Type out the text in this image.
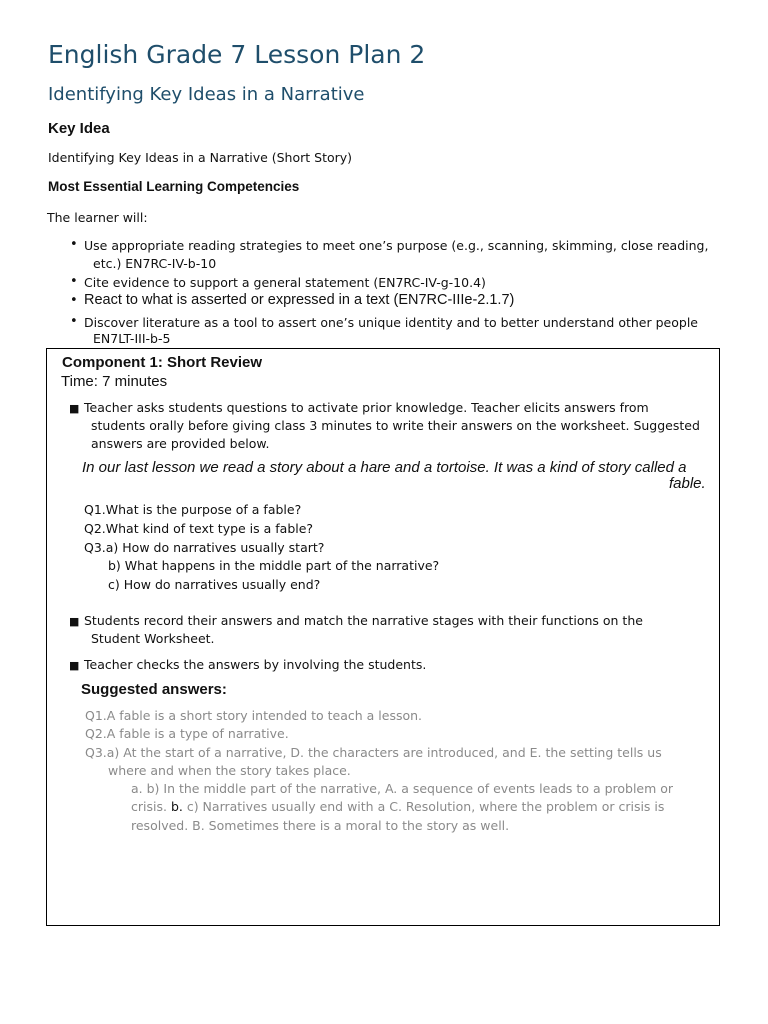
English Grade 7 Lesson Plan 2
Identifying Key Ideas in a Narrative
Key Idea
Identifying Key Ideas in a Narrative (Short Story)
Most Essential Learning Competencies
The learner will:
• Use appropriate reading strategies to meet one’s purpose (e.g., scanning, skimming, close reading,
etc.) EN7RC-IV-b-10
• Cite evidence to support a general statement (EN7RC-IV-g-10.4)
• React to what is asserted or expressed in a text (EN7RC-IIIe-2.1.7)
• Discover literature as a tool to assert one’s unique identity and to better understand other people
EN7LT-III-b-5
Component 1: Short Review
Time: 7 minutes
■ Teacher asks students questions to activate prior knowledge. Teacher elicits answers from
students orally before giving class 3 minutes to write their answers on the worksheet. Suggested
answers are provided below.
In our last lesson we read a story about a hare and a tortoise. It was a kind of story called a
fable.
Q1.What is the purpose of a fable?
Q2.What kind of text type is a fable?
Q3.a) How do narratives usually start?
b) What happens in the middle part of the narrative?
c) How do narratives usually end?
■ Students record their answers and match the narrative stages with their functions on the
Student Worksheet.
■ Teacher checks the answers by involving the students.
Suggested answers:
Q1.A fable is a short story intended to teach a lesson.
Q2.A fable is a type of narrative.
Q3.a) At the start of a narrative, D. the characters are introduced, and E. the setting tells us
where and when the story takes place.
a. b) In the middle part of the narrative, A. a sequence of events leads to a problem or
crisis. b. c) Narratives usually end with a C. Resolution, where the problem or crisis is
resolved. B. Sometimes there is a moral to the story as well.
